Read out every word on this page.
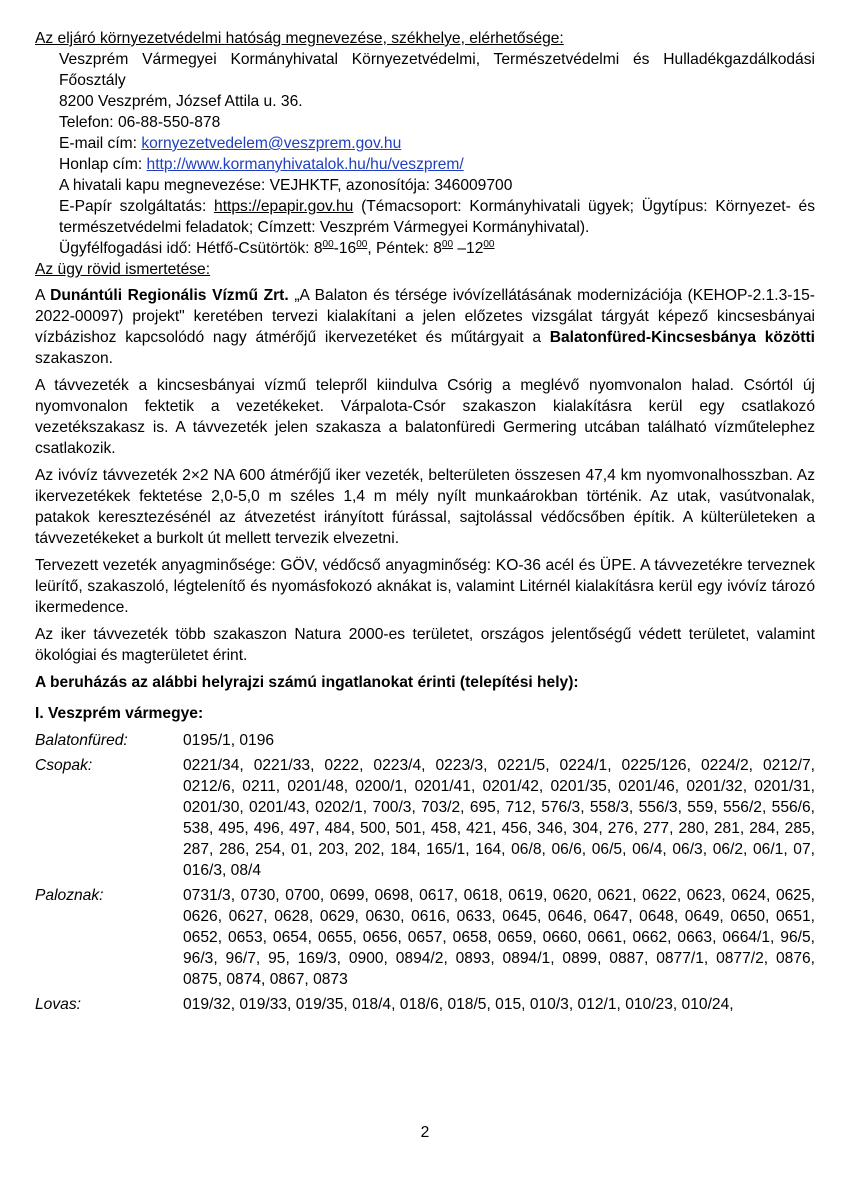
Az eljáró környezetvédelmi hatóság megnevezése, székhelye, elérhetősége:

Veszprém Vármegyei Kormányhivatal Környezetvédelmi, Természetvédelmi és Hulladékgazdálkodási Főosztály

8200 Veszprém, József Attila u. 36.

Telefon: 06-88-550-878

E-mail cím: kornyezetvedelem@veszprem.gov.hu

Honlap cím: http://www.kormanyhivatalok.hu/hu/veszprem/

A hivatali kapu megnevezése: VEJHKTF, azonosítója: 346009700

E-Papír szolgáltatás: https://epapir.gov.hu (Témacsoport: Kormányhivatali ügyek; Ügytípus: Környezet- és természetvédelmi feladatok; Címzett: Veszprém Vármegyei Kormányhivatal).

Ügyfélfogadási idő: Hétfő-Csütörtök: $8^{00}-16^{00}$, Péntek: $8^{00}$ $-12^{00}$

Az ügy rövid ismertetése:

A Dunántúli Regionális Vízmű Zrt. „A Balaton és térsége ivóvízellátásának modernizációja (KEHOP-2.1.3-15-2022-00097) projekt" keretében tervezi kialakítani a jelen előzetes vizsgálat tárgyát képező kincsesbányai vízbázishoz kapcsolódó nagy átmérőjű ikervezetéket és műtárgyait a Balatonfüred-Kincsesbánya közötti szakaszon.

A távvezeték a kincsesbányai vízmű telepről kiindulva Csórig a meglévő nyomvonalon halad. Csórtól új nyomvonalon fektetik a vezetékeket. Várpalota-Csór szakaszon kialakításra kerül egy csatlakozó vezetékszakasz is. A távvezeték jelen szakasza a balatonfüredi Germering utcában található vízműtelephez csatlakozik.

Az ivóvíz távvezeték 2×2 NA 600 átmérőjű iker vezeték, belterületen összesen 47,4 km nyomvonalhosszban. Az ikervezetékek fektetése 2,0-5,0 m széles 1,4 m mély nyílt munkaárokban történik. Az utak, vasútvonalak, patakok keresztezésénél az átvezetést irányított fúrással, sajtolással védőcsőben építik. A külterületeken a távvezetékeket a burkolt út mellett tervezik elvezetni.

Tervezett vezeték anyagminősége: GÖV, védőcső anyagminőség: KO-36 acél és ÜPE. A távvezetékre terveznek leürítő, szakaszoló, légtelenítő és nyomásfokozó aknákat is, valamint Litérnél kialakításra kerül egy ivóvíz tározó ikermedence.

Az iker távvezeték több szakaszon Natura 2000-es területet, országos jelentőségű védett területet, valamint ökológiai és magterületet érint.

A beruházás az alábbi helyrajzi számú ingatlanokat érinti (telepítési hely):

I. Veszprém vármegye:

Balatonfüred:	0195/1, 0196
Csopak:	0221/34, 0221/33, 0222, 0223/4, 0223/3, 0221/5, 0224/1, 0225/126, 0224/2, 0212/7, 0212/6, 0211, 0201/48, 0200/1, 0201/41, 0201/42, 0201/35, 0201/46, 0201/32, 0201/31, 0201/30, 0201/43, 0202/1, 700/3, 703/2, 695, 712, 576/3, 558/3, 556/3, 559, 556/2, 556/6, 538, 495, 496, 497, 484, 500, 501, 458, 421, 456, 346, 304, 276, 277, 280, 281, 284, 285, 287, 286, 254, 01, 203, 202, 184, 165/1, 164, 06/8, 06/6, 06/5, 06/4, 06/3, 06/2, 06/1, 07, 016/3, 08/4
Paloznak:	0731/3, 0730, 0700, 0699, 0698, 0617, 0618, 0619, 0620, 0621, 0622, 0623, 0624, 0625, 0626, 0627, 0628, 0629, 0630, 0616, 0633, 0645, 0646, 0647, 0648, 0649, 0650, 0651, 0652, 0653, 0654, 0655, 0656, 0657, 0658, 0659, 0660, 0661, 0662, 0663, 0664/1, 96/5, 96/3, 96/7, 95, 169/3, 0900, 0894/2, 0893, 0894/1, 0899, 0887, 0877/1, 0877/2, 0876, 0875, 0874, 0867, 0873
Lovas:	019/32, 019/33, 019/35, 018/4, 018/6, 018/5, 015, 010/3, 012/1, 010/23, 010/24,
2
